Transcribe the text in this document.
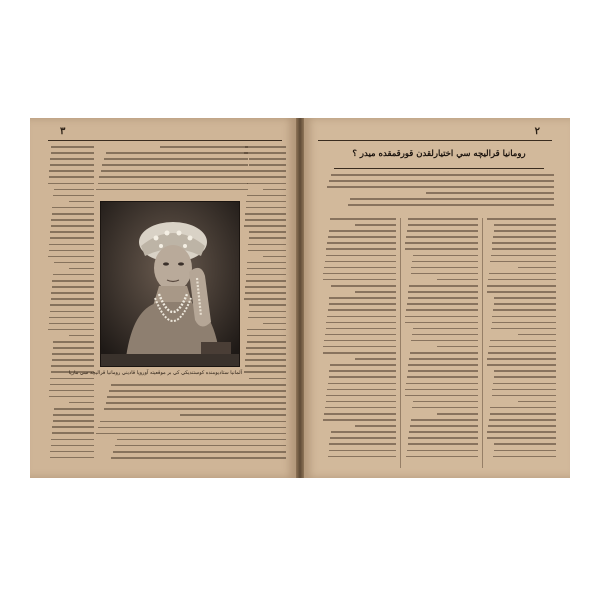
٣
آلمانيا ستاديومنده كوستنديكي كي بر موقعيته آوروپا قاديني رومانيا قراليچه سي ماريا
٢
رومانيا قراليچه سي اختيارلقدن قورقمقده ميدر ؟
